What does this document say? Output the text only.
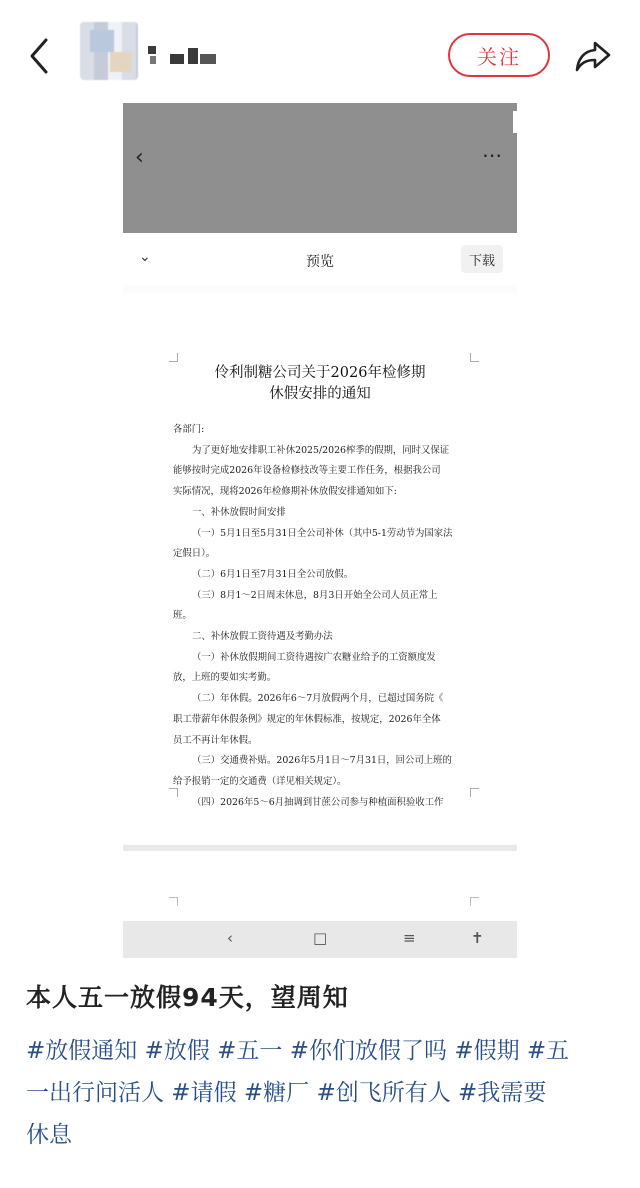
关注
‹	⋯
⌄	预览	下载
伶利制糖公司关于2026年检修期
休假安排的通知
各部门:
为了更好地安排职工补休2025/2026榨季的假期，同时又保证
能够按时完成2026年设备检修技改等主要工作任务，根据我公司
实际情况，现将2026年检修期补休放假安排通知如下:
一、补休放假时间安排
（一）5月1日至5月31日全公司补休（其中5-1劳动节为国家法
定假日）。
（二）6月1日至7月31日全公司放假。
（三）8月1～2日周末休息，8月3日开始全公司人员正常上
班。
二、补休放假工资待遇及考勤办法
（一）补休放假期间工资待遇按广农糖业给予的工资额度发
放，上班的要如实考勤。
（二）年休假。2026年6～7月放假两个月，已超过国务院《
职工带薪年休假条例》规定的年休假标准，按规定，2026年全体
员工不再计年休假。
（三）交通费补贴。2026年5月1日～7月31日，回公司上班的
给予报销一定的交通费（详见相关规定）。
（四）2026年5～6月抽调到甘蔗公司参与种植面积验收工作
‹	□	≡	✝
本人五一放假94天，望周知
#放假通知 #放假 #五一 #你们放假了吗 #假期 #五
一出行问活人 #请假 #糖厂 #创飞所有人 #我需要
休息
